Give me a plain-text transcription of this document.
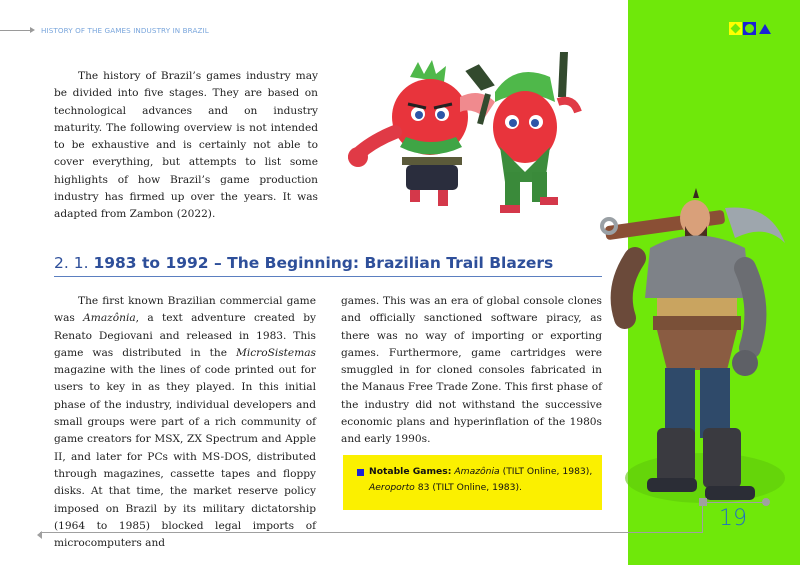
HISTORY OF THE GAMES INDUSTRY IN BRAZIL

The history of Brazil’s games industry may be divided into five stages. They are based on technological advances and on industry maturity. The following overview is not intended to be exhaustive and is certainly not able to cover everything, but attempts to list some highlights of how Brazil’s game production industry has firmed up over the years. It was adapted from Zambon (2022).

2. 1. 1983 to 1992 – The Beginning: Brazilian Trail Blazers

The first known Brazilian commercial game was Amazônia, a text adventure created by Renato Degiovani and released in 1983. This game was distributed in the MicroSistemas magazine with the lines of code printed out for users to key in as they played. In this initial phase of the industry, individual developers and small groups were part of a rich community of game creators for MSX, ZX Spectrum and Apple II, and later for PCs with MS-DOS, distributed through magazines, cassette tapes and floppy disks. At that time, the market reserve policy imposed on Brazil by its military dictatorship (1964 to 1985) blocked legal imports of microcomputers and

games. This was an era of global console clones and officially sanctioned software piracy, as there was no way of importing or exporting games. Furthermore, game cartridges were smuggled in for cloned consoles fabricated in the Manaus Free Trade Zone. This first phase of the industry did not withstand the successive economic plans and hyperinflation of the 1980s and early 1990s.

Notable Games: Amazônia (TILT Online, 1983), Aeroporto 83 (TILT Online, 1983).
19
